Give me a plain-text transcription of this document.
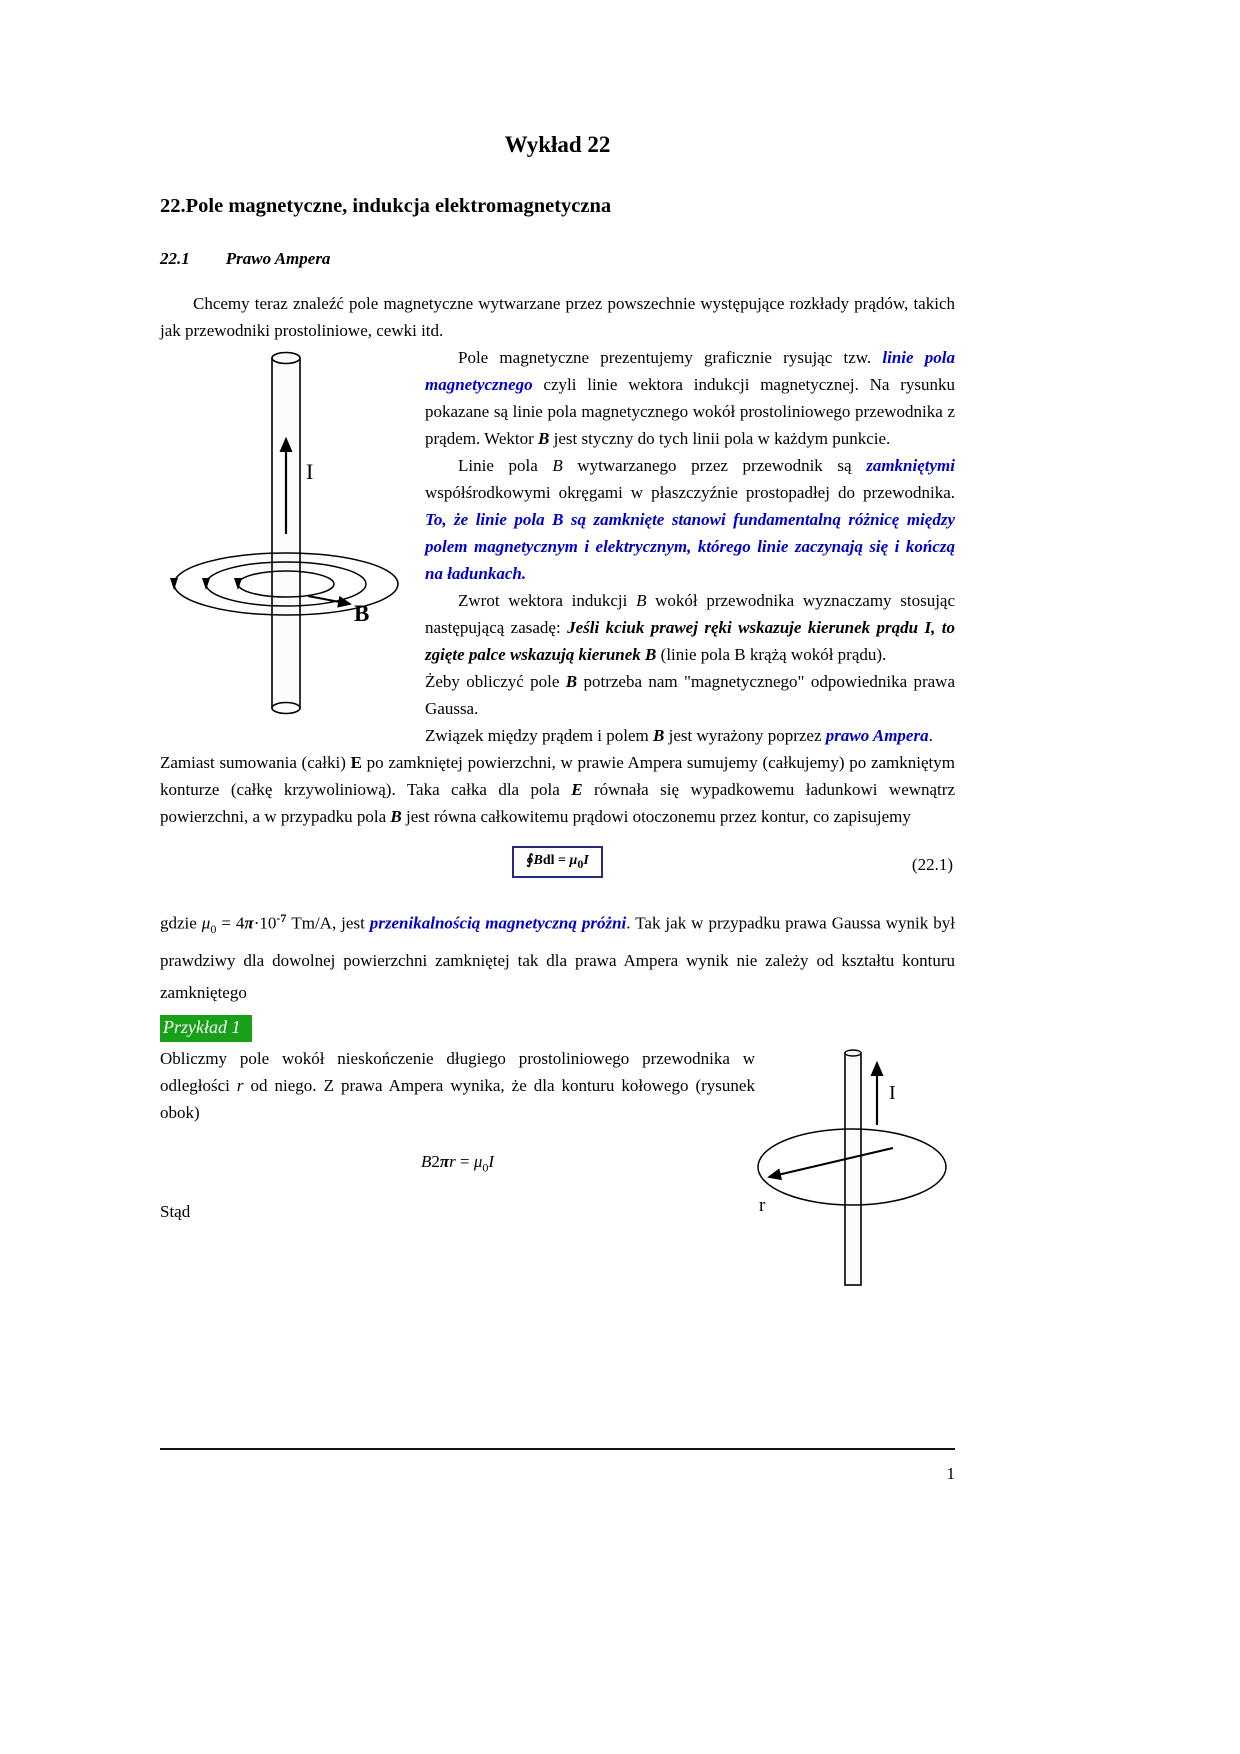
Wykład 22
22.Pole magnetyczne, indukcja elektromagnetyczna
22.1 Prawo Ampera

Chcemy teraz znaleźć pole magnetyczne wytwarzane przez powszechnie występujące rozkłady prądów, takich jak przewodniki prostoliniowe, cewki itd.

I
B

Pole magnetyczne prezentujemy graficznie rysując tzw. linie pola magnetycznego czyli linie wektora indukcji magnetycznej. Na rysunku pokazane są linie pola magnetycznego wokół prostoliniowego przewodnika z prądem. Wektor B jest styczny do tych linii pola w każdym punkcie.

Linie pola B wytwarzanego przez przewodnik są zamkniętymi współśrodkowymi okręgami w płaszczyźnie prostopadłej do przewodnika. To, że linie pola B są zamknięte stanowi fundamentalną różnicę między polem magnetycznym i elektrycznym, którego linie zaczynają się i kończą na ładunkach.

Zwrot wektora indukcji B wokół przewodnika wyznaczamy stosując następującą zasadę: Jeśli kciuk prawej ręki wskazuje kierunek prądu I, to zgięte palce wskazują kierunek B (linie pola B krążą wokół prądu).

Żeby obliczyć pole B potrzeba nam "magnetycznego" odpowiednika prawa Gaussa.

Związek między prądem i polem B jest wyrażony poprzez prawo Ampera.

Zamiast sumowania (całki) E po zamkniętej powierzchni, w prawie Ampera sumujemy (całkujemy) po zamkniętym konturze (całkę krzywoliniową). Taka całka dla pola E równała się wypadkowemu ładunkowi wewnątrz powierzchni, a w przypadku pola B jest równa całkowitemu prądowi otoczonemu przez kontur, co zapisujemy

∮Bdl = μ0I	(22.1)

gdzie $\mu_0 = 4\pi\cdot 10^{-7}$ Tm/A, jest przenikalnością magnetyczną próżni. Tak jak w przypadku prawa Gaussa wynik był prawdziwy dla dowolnej powierzchni zamkniętej tak dla prawa Ampera wynik nie zależy od kształtu konturu zamkniętego

Przykład 1
I
r

Obliczmy pole wokół nieskończenie długiego prostoliniowego przewodnika w odległości r od niego. Z prawa Ampera wynika, że dla konturu kołowego (rysunek obok)

$B2\pi r = \mu_0I$

Stąd

1
